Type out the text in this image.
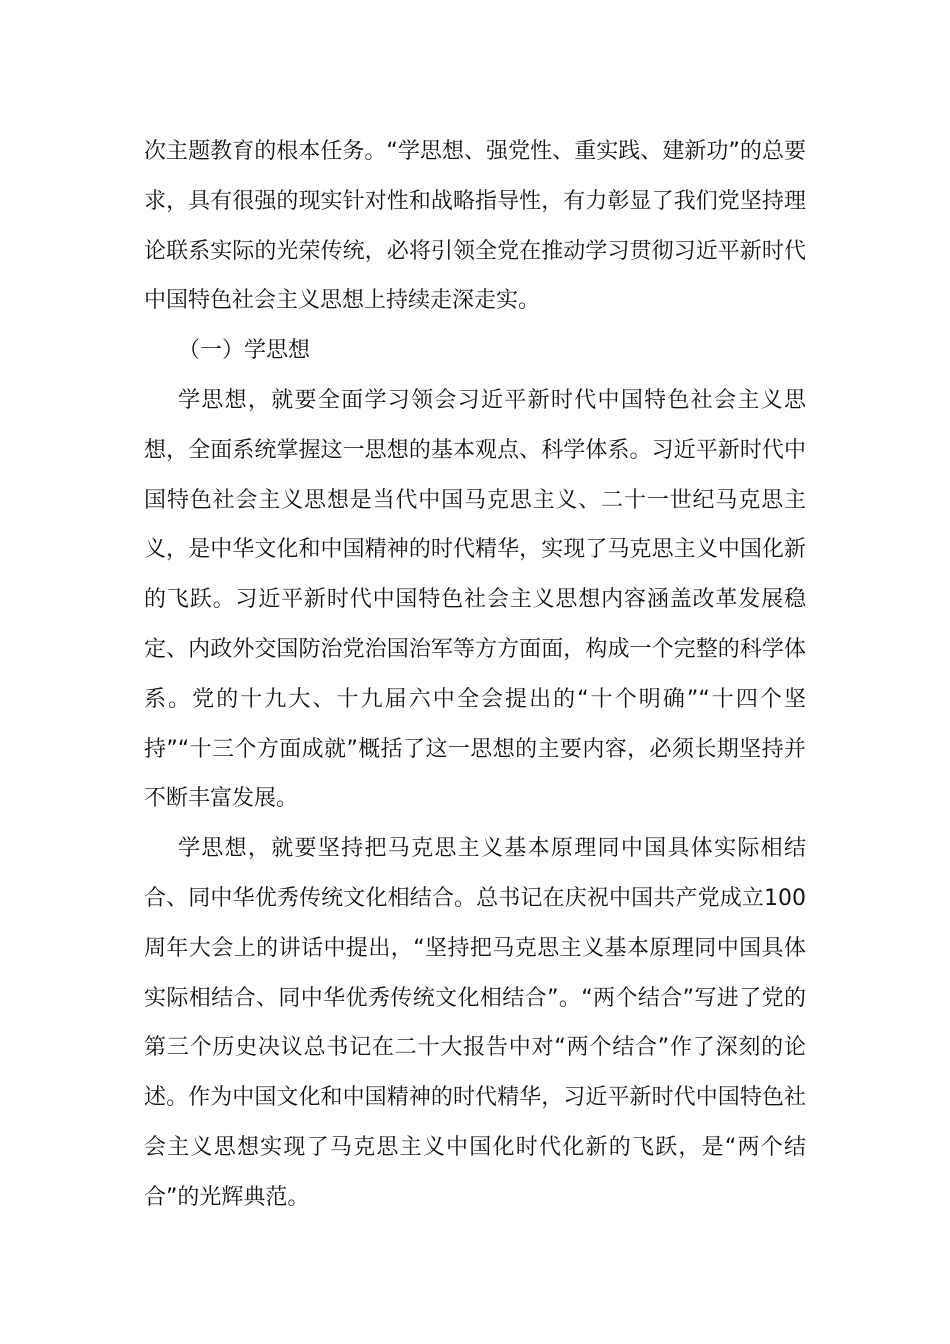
次主题教育的根本任务。“学思想、强党性、重实践、建新功”的总要求，具有很强的现实针对性和战略指导性，有力彰显了我们党坚持理论联系实际的光荣传统，必将引领全党在推动学习贯彻习近平新时代中国特色社会主义思想上持续走深走实。

（一）学思想

学思想，就要全面学习领会习近平新时代中国特色社会主义思想，全面系统掌握这一思想的基本观点、科学体系。习近平新时代中国特色社会主义思想是当代中国马克思主义、二十一世纪马克思主义，是中华文化和中国精神的时代精华，实现了马克思主义中国化新的飞跃。习近平新时代中国特色社会主义思想内容涵盖改革发展稳定、内政外交国防治党治国治军等方方面面，构成一个完整的科学体系。党的十九大、十九届六中全会提出的“十个明确”“十四个坚持”“十三个方面成就”概括了这一思想的主要内容，必须长期坚持并不断丰富发展。

学思想，就要坚持把马克思主义基本原理同中国具体实际相结合、同中华优秀传统文化相结合。总书记在庆祝中国共产党成立100周年大会上的讲话中提出，“坚持把马克思主义基本原理同中国具体实际相结合、同中华优秀传统文化相结合”。“两个结合”写进了党的第三个历史决议总书记在二十大报告中对“两个结合”作了深刻的论述。作为中国文化和中国精神的时代精华，习近平新时代中国特色社会主义思想实现了马克思主义中国化时代化新的飞跃，是“两个结合”的光辉典范。
